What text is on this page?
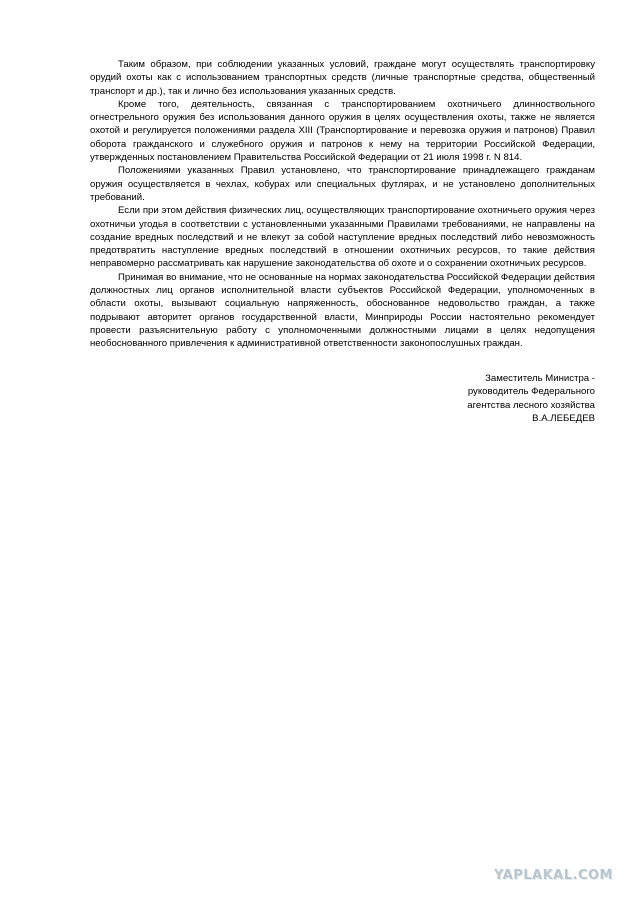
Таким образом, при соблюдении указанных условий, граждане могут осуществлять транспортировку орудий охоты как с использованием транспортных средств (личные транспортные средства, общественный транспорт и др.), так и лично без использования указанных средств.

Кроме того, деятельность, связанная с транспортированием охотничьего длинноствольного огнестрельного оружия без использования данного оружия в целях осуществления охоты, также не является охотой и регулируется положениями раздела XIII (Транспортирование и перевозка оружия и патронов) Правил оборота гражданского и служебного оружия и патронов к нему на территории Российской Федерации, утвержденных постановлением Правительства Российской Федерации от 21 июля 1998 г. N 814.

Положениями указанных Правил установлено, что транспортирование принадлежащего гражданам оружия осуществляется в чехлах, кобурах или специальных футлярах, и не установлено дополнительных требований.

Если при этом действия физических лиц, осуществляющих транспортирование охотничьего оружия через охотничьи угодья в соответствии с установленными указанными Правилами требованиями, не направлены на создание вредных последствий и не влекут за собой наступление вредных последствий либо невозможность предотвратить наступление вредных последствий в отношении охотничьих ресурсов, то такие действия неправомерно рассматривать как нарушение законодательства об охоте и о сохранении охотничьих ресурсов.

Принимая во внимание, что не основанные на нормах законодательства Российской Федерации действия должностных лиц органов исполнительной власти субъектов Российской Федерации, уполномоченных в области охоты, вызывают социальную напряженность, обоснованное недовольство граждан, а также подрывают авторитет органов государственной власти, Минприроды России настоятельно рекомендует провести разъяснительную работу с уполномоченными должностными лицами в целях недопущения необоснованного привлечения к административной ответственности законопослушных граждан.

Заместитель Министра -
руководитель Федерального
агентства лесного хозяйства
В.А.ЛЕБЕДЕВ
YAPLAKAL.COM
